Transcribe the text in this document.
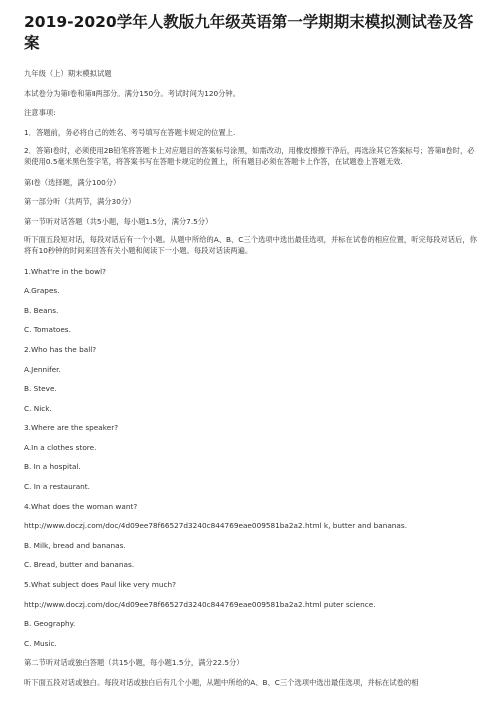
2019-2020学年人教版九年级英语第一学期期末模拟测试卷及答案

九年级（上）期末模拟试题

本试卷分为第Ⅰ卷和第Ⅱ两部分。满分150分。考试时间为120分钟。

注意事项:

1．答题前，务必将自己的姓名、考号填写在答题卡规定的位置上.

2．答第Ⅰ卷时，必须使用2B铅笔将答题卡上对应题目的答案标号涂黑，如需改动，用橡皮擦擦干净后，再选涂其它答案标号；答第Ⅱ卷时，必须使用0.5毫米黑色签字笔，将答案书写在答题卡规定的位置上，所有题目必须在答题卡上作答，在试题卷上答题无效.

第Ⅰ卷（选择题，满分100分）

第一部分听（共两节，满分30分）

第一节听对话答题（共5小题，每小题1.5分，满分7.5分）

听下面五段短对话，每段对话后有一个小题。从题中所给的A、B、C三个选项中选出最佳选项，并标在试卷的相应位置，听完每段对话后，你将有10秒钟的时间来回答有关小题和阅读下一小题。每段对话读两遍。

1.What're in the bowl?

A.Grapes.

B. Beans.

C. Tomatoes.

2.Who has the ball?

A.Jennifer.

B. Steve.

C. Nick.

3.Where are the speaker?

A.In a clothes store.

B. In a hospital.

C. In a restaurant.

4.What does the woman want?

http://www.doczj.com/doc/4d09ee78f66527d3240c844769eae009581ba2a2.html k, butter and bananas.

B. Milk, bread and bananas.

C. Bread, butter and bananas.

5.What subject does Paul like very much?

http://www.doczj.com/doc/4d09ee78f66527d3240c844769eae009581ba2a2.html puter science.

B. Geography.

C. Music.

第二节听对话或独白答题（共15小题，每小题1.5分，满分22.5分）

听下面五段对话或独白。每段对话或独白后有几个小题，从题中所给的A、B、C三个选项中选出最佳选项，并标在试卷的相
